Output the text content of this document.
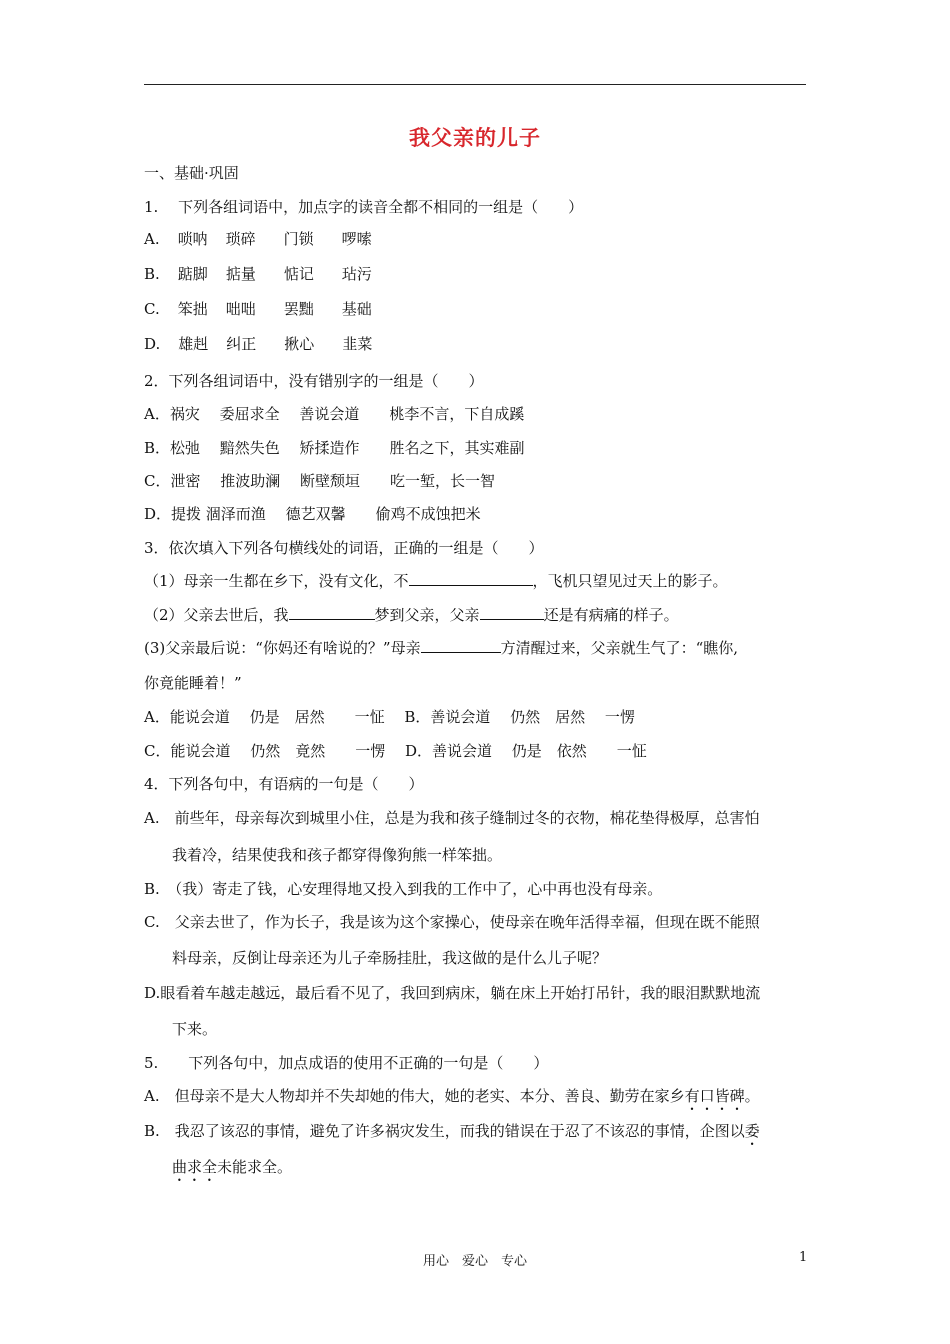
我父亲的儿子
一、基础·巩固
1.　 下列各组词语中，加点字的读音全都不相同的一组是（　　）
A. 唢呐 琐碎 门锁 啰嗦
B. 踮脚 掂量 惦记 玷污
C. 笨拙 咄咄 罢黜 基础
D. 雄赳 纠正 揪心 韭菜
2．下列各组词语中，没有错别字的一组是（　　）
A．祸灾　 委屈求全　 善说会道　　桃李不言，下自成蹊
B．松弛　 黯然失色　 矫揉造作　　胜名之下，其实难副
C．泄密　 推波助澜　 断壁颓垣　　吃一堑，长一智
D．提拨 涸泽而渔　 德艺双馨　　偷鸡不成蚀把米
3．依次填入下列各句横线处的词语，正确的一组是（　　）
（1）母亲一生都在乡下，没有文化，不	，飞机只望见过天上的影子。
（2）父亲去世后，我	梦到父亲，父亲	还是有病痛的样子。
(3)父亲最后说：“你妈还有啥说的？”母亲	方清醒过来，父亲就生气了：“瞧你,
你竟能睡着！”
A．能说会道　 仍是　居然　　一怔　 B．善说会道　 仍然　居然　 一愣
C．能说会道　 仍然　竟然　　一愣　 D．善说会道　 仍是　依然　　一怔
4．下列各句中，有语病的一句是（　　）
A.　前些年，母亲每次到城里小住，总是为我和孩子缝制过冬的衣物，棉花垫得极厚，总害怕
我着冷，结果使我和孩子都穿得像狗熊一样笨拙。
B.　（我）寄走了钱，心安理得地又投入到我的工作中了，心中再也没有母亲。
C.　父亲去世了，作为长子，我是该为这个家操心，使母亲在晚年活得幸福，但现在既不能照
料母亲，反倒让母亲还为儿子牵肠挂肚，我这做的是什么儿子呢？
D.眼看着车越走越远，最后看不见了，我回到病床，躺在床上开始打吊针，我的眼泪默默地流
下来。
5.　　下列各句中，加点成语的使用不正确的一句是（　　）
A.　但母亲不是大人物却并不失却她的伟大，她的老实、本分、善良、勤劳在家乡有口皆碑。
B.　我忍了该忍的事情，避免了许多祸灾发生，而我的错误在于忍了不该忍的事情，企图以委
曲求全未能求全。
用心　爱心　专心	1
